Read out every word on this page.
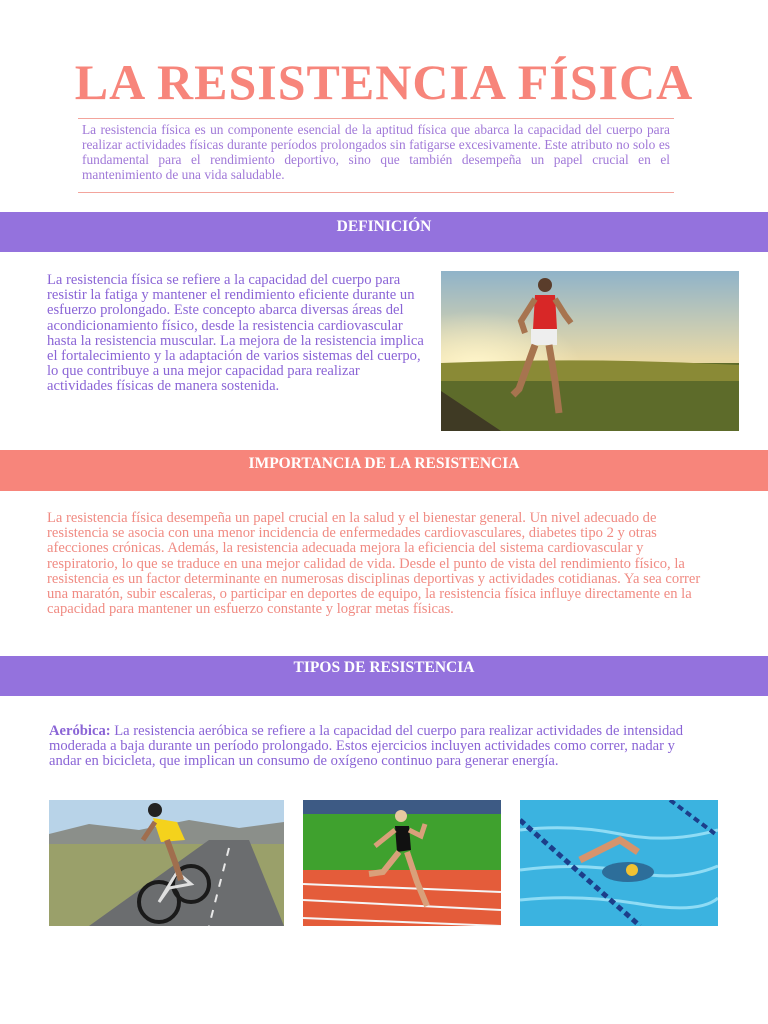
LA RESISTENCIA FÍSICA

La resistencia física es un componente esencial de la aptitud física que abarca la capacidad del cuerpo para realizar actividades físicas durante períodos prolongados sin fatigarse excesivamente. Este atributo no solo es fundamental para el rendimiento deportivo, sino que también desempeña un papel crucial en el mantenimiento de una vida saludable.

DEFINICIÓN

La resistencia física se refiere a la capacidad del cuerpo para resistir la fatiga y mantener el rendimiento eficiente durante un esfuerzo prolongado. Este concepto abarca diversas áreas del acondicionamiento físico, desde la resistencia cardiovascular hasta la resistencia muscular. La mejora de la resistencia implica el fortalecimiento y la adaptación de varios sistemas del cuerpo, lo que contribuye a una mejor capacidad para realizar actividades físicas de manera sostenida.

IMPORTANCIA DE LA RESISTENCIA

La resistencia física desempeña un papel crucial en la salud y el bienestar general. Un nivel adecuado de resistencia se asocia con una menor incidencia de enfermedades cardiovasculares, diabetes tipo 2 y otras afecciones crónicas. Además, la resistencia adecuada mejora la eficiencia del sistema cardiovascular y respiratorio, lo que se traduce en una mejor calidad de vida. Desde el punto de vista del rendimiento físico, la resistencia es un factor determinante en numerosas disciplinas deportivas y actividades cotidianas. Ya sea correr una maratón, subir escaleras, o participar en deportes de equipo, la resistencia física influye directamente en la capacidad para mantener un esfuerzo constante y lograr metas físicas.

TIPOS DE RESISTENCIA

Aeróbica: La resistencia aeróbica se refiere a la capacidad del cuerpo para realizar actividades de intensidad moderada a baja durante un período prolongado. Estos ejercicios incluyen actividades como correr, nadar y andar en bicicleta, que implican un consumo de oxígeno continuo para generar energía.
